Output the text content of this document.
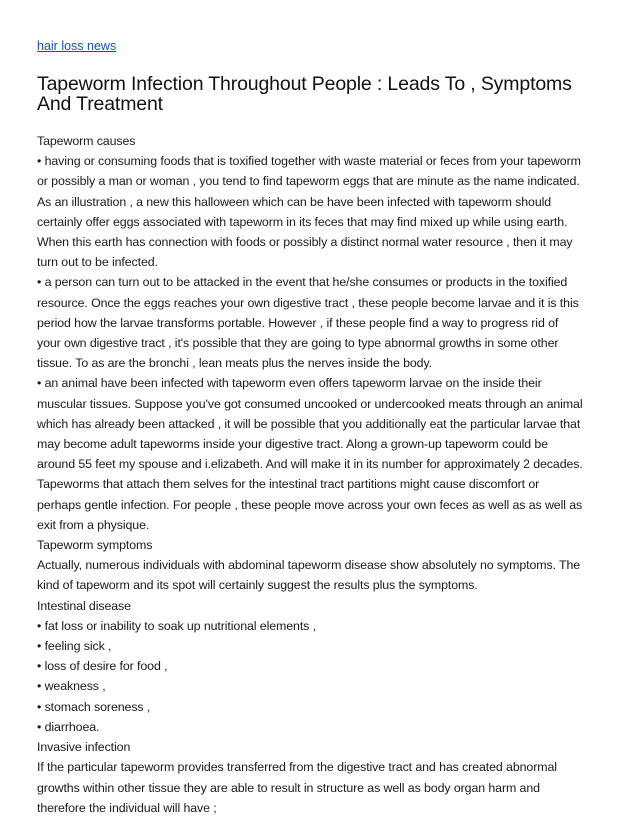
hair loss news
Tapeworm Infection Throughout People : Leads To , Symptoms
And Treatment
Tapeworm causes
• having or consuming foods that is toxified together with waste material or feces from your tapeworm
or possibly a man or woman , you tend to find tapeworm eggs that are minute as the name indicated.
As an illustration , a new this halloween which can be have been infected with tapeworm should
certainly offer eggs associated with tapeworm in its feces that may find mixed up while using earth.
When this earth has connection with foods or possibly a distinct normal water resource , then it may
turn out to be infected.
• a person can turn out to be attacked in the event that he/she consumes or products in the toxified
resource. Once the eggs reaches your own digestive tract , these people become larvae and it is this
period how the larvae transforms portable. However , if these people find a way to progress rid of
your own digestive tract , it's possible that they are going to type abnormal growths in some other
tissue. To as are the bronchi , lean meats plus the nerves inside the body.
• an animal have been infected with tapeworm even offers tapeworm larvae on the inside their
muscular tissues. Suppose you've got consumed uncooked or undercooked meats through an animal
which has already been attacked , it will be possible that you additionally eat the particular larvae that
may become adult tapeworms inside your digestive tract. Along a grown-up tapeworm could be
around 55 feet my spouse and i.elizabeth. And will make it in its number for approximately 2 decades.
Tapeworms that attach them selves for the intestinal tract partitions might cause discomfort or
perhaps gentle infection. For people , these people move across your own feces as well as as well as
exit from a physique.
Tapeworm symptoms
Actually, numerous individuals with abdominal tapeworm disease show absolutely no symptoms. The
kind of tapeworm and its spot will certainly suggest the results plus the symptoms.
Intestinal disease
• fat loss or inability to soak up nutritional elements ,
• feeling sick ,
• loss of desire for food ,
• weakness ,
• stomach soreness ,
• diarrhoea.
Invasive infection
If the particular tapeworm provides transferred from the digestive tract and has created abnormal
growths within other tissue they are able to result in structure as well as body organ harm and
therefore the individual will have ;
